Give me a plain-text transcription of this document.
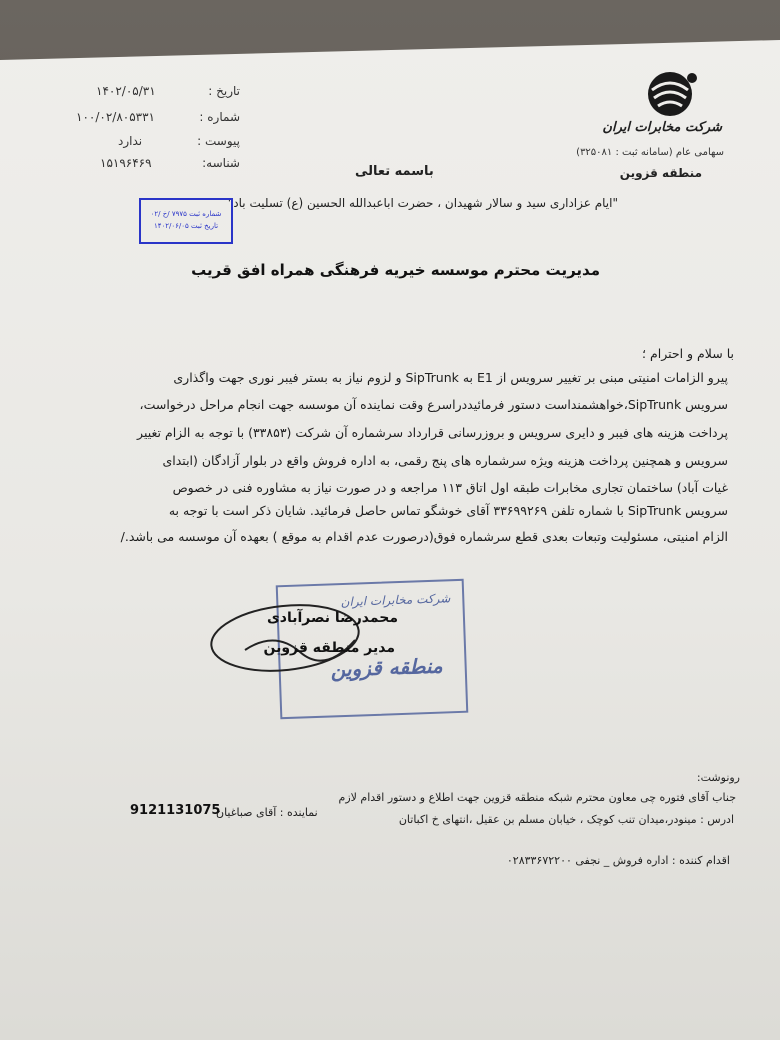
تاریخ :
۱۴۰۲/۰۵/۳۱
شماره :
۱۰۰/۰۲/۸۰۵۳۳۱
پیوست :
ندارد
شناسه:
۱۵۱۹۶۴۶۹
شرکت مخابرات ایران
سهامی عام (سامانه ثبت : ۳۲۵۰۸۱)
منطقه قزوین
باسمه تعالی
"ایام عزاداری سید و سالار شهیدان ، حضرت اباعبدالله الحسین (ع) تسلیت باد"
شماره ثبت ۷۹۷۵ /خ /۰۲
تاریخ ثبت ۱۴۰۲/۰۶/۰۵
مدیریت محترم موسسه خیریه فرهنگی همراه افق قریب
با سلام و احترام ؛
پیرو الزامات امنیتی مبنی بر تغییر سرویس از E1 به SipTrunk و لزوم نیاز به بستر فیبر نوری جهت واگذاری
سرویس SipTrunk،خواهشمنداست دستور فرمائیددراسرع وقت نماینده آن موسسه جهت انجام مراحل درخواست،
پرداخت هزینه های فیبر و دایری سرویس و بروزرسانی قرارداد سرشماره آن شرکت (۳۳۸۵۳) با توجه به الزام تغییر
سرویس و همچنین پرداخت هزینه ویژه سرشماره های پنج رقمی، به اداره فروش واقع در بلوار آزادگان (ابتدای
غیات آباد) ساختمان تجاری مخابرات طبقه اول اتاق ۱۱۳ مراجعه و در صورت نیاز به مشاوره فنی در خصوص
سرویس SipTrunk با شماره تلفن ۳۳۶۹۹۲۶۹ آقای خوشگو تماس حاصل فرمائید. شایان ذکر است با توجه به
الزام امنیتی، مسئولیت وتبعات بعدی قطع سرشماره فوق(درصورت عدم اقدام به موقع ) بعهده آن موسسه می باشد./
شرکت مخابرات ایران
منطقه قزوین
محمدرضا نصرآبادی
مدیر منطقه قزوین
رونوشت:
جناب آقای فتوره چی معاون محترم شبکه منطقه قزوین جهت اطلاع و دستور اقدام لازم
ادرس : مینودر،میدان تنب کوچک ، خیابان مسلم بن عقیل ،انتهای خ اکباتان
نماینده : آقای صباغیان
9121131075
اقدام کننده : اداره فروش _ نجفی ۰۲۸۳۳۶۷۲۲۰۰
